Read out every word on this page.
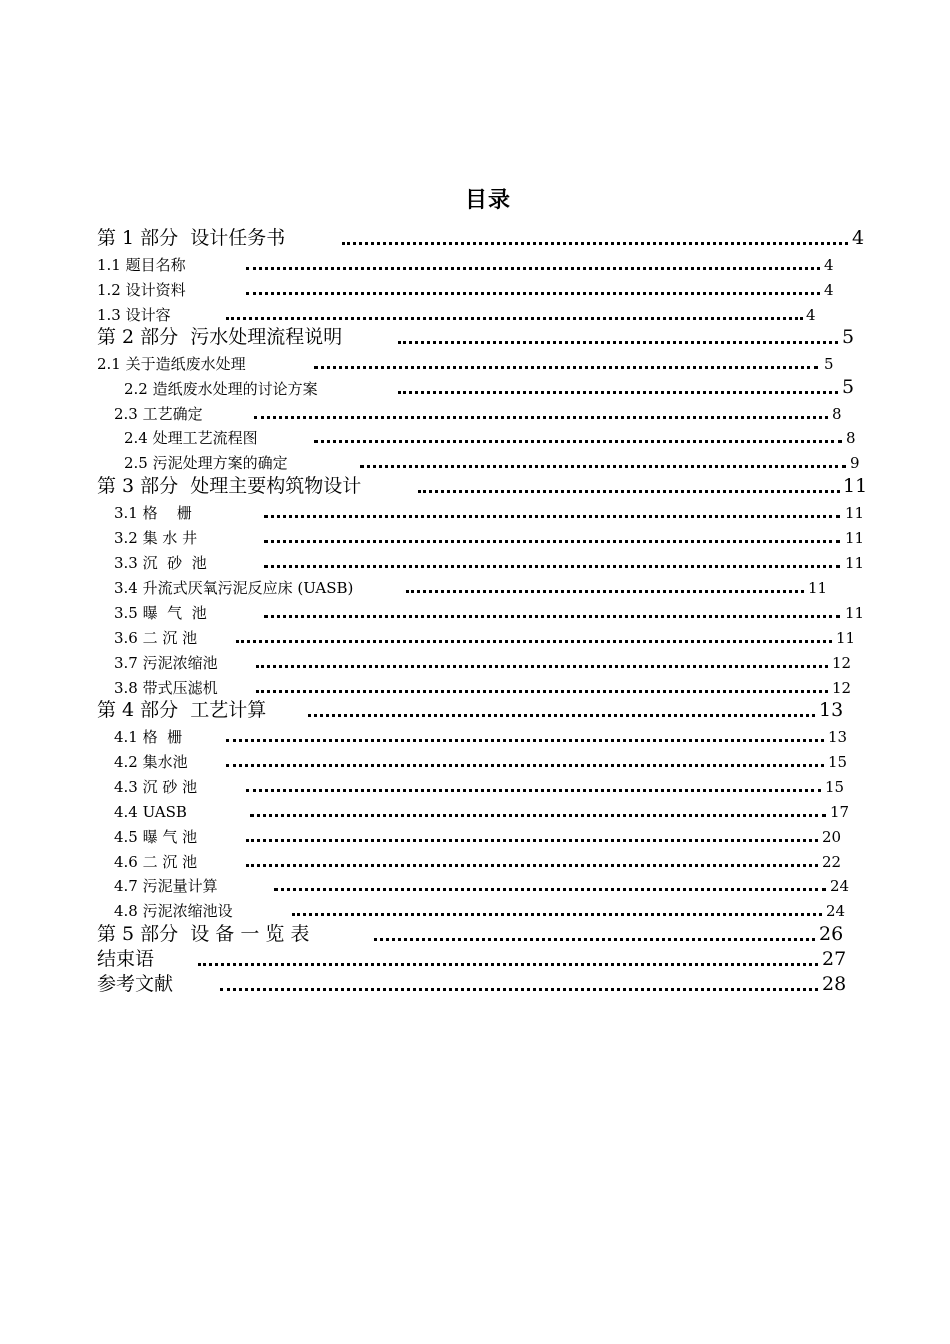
目录
第 1 部分  设计任务书	4
1.1 题目名称	4
1.2 设计资料	4
1.3 设计容	4
第 2 部分  污水处理流程说明	5
2.1 关于造纸废水处理	5
2.2 造纸废水处理的讨论方案	5
2.3 工艺确定	8
2.4 处理工艺流程图	8
2.5 污泥处理方案的确定	9
第 3 部分  处理主要构筑物设计	11
3.1 格    栅	11
3.2 集 水 井	11
3.3 沉  砂  池	11
3.4 升流式厌氧污泥反应床 (UASB)	11
3.5 曝  气  池	11
3.6 二 沉 池	11
3.7 污泥浓缩池	12
3.8 带式压滤机	12
第 4 部分  工艺计算	13
4.1 格  栅	13
4.2 集水池	15
4.3 沉 砂 池	15
4.4 UASB	17
4.5 曝 气 池	20
4.6 二 沉 池	22
4.7 污泥量计算	24
4.8 污泥浓缩池设	24
第 5 部分  设 备 一 览 表	26
结束语	27
参考文献	28
